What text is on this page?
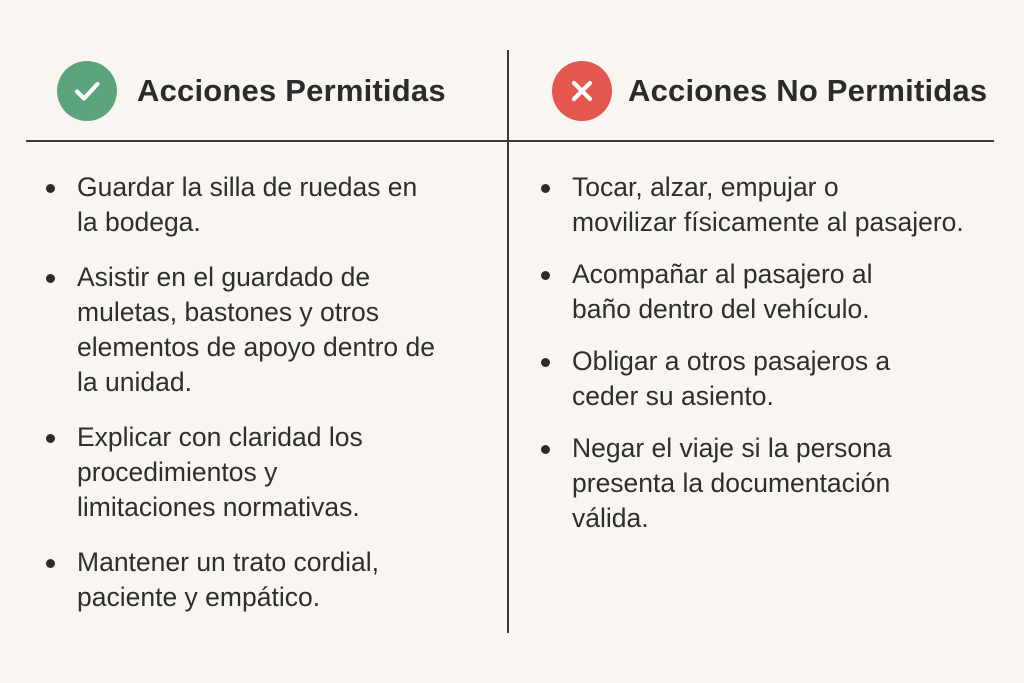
Acciones Permitidas	Acciones No Permitidas
Guardar la silla de ruedas en
la bodega.
Asistir en el guardado de
muletas, bastones y otros
elementos de apoyo dentro de
la unidad.
Explicar con claridad los
procedimientos y
limitaciones normativas.
Mantener un trato cordial,
paciente y empático.
Tocar, alzar, empujar o
movilizar físicamente al pasajero.
Acompañar al pasajero al
baño dentro del vehículo.
Obligar a otros pasajeros a
ceder su asiento.
Negar el viaje si la persona
presenta la documentación
válida.
